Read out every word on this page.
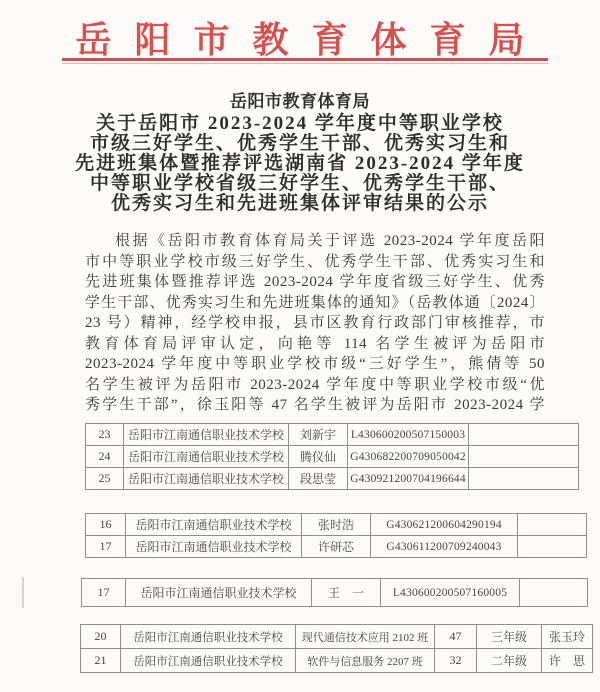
岳阳市教育体育局
岳阳市教育体育局
关于岳阳市 2023-2024 学年度中等职业学校
市级三好学生、优秀学生干部、优秀实习生和
先进班集体暨推荐评选湖南省 2023-2024 学年度
中等职业学校省级三好学生、优秀学生干部、
优秀实习生和先进班集体评审结果的公示
根据《岳阳市教育体育局关于评选 2023-2024 学年度岳阳
市中等职业学校市级三好学生、优秀学生干部、优秀实习生和
先进班集体暨推荐评选 2023-2024 学年度省级三好学生、优秀
学生干部、优秀实习生和先进班集体的通知》（岳教体通〔2024〕
23 号）精神，经学校申报，县市区教育行政部门审核推荐，市
教育体育局评审认定，向艳等 114 名学生被评为岳阳市
2023-2024 学年度中等职业学校市级“三好学生”，熊倩等 50
名学生被评为岳阳市 2023-2024 学年度中等职业学校市级“优
秀学生干部”，徐玉阳等 47 名学生被评为岳阳市 2023-2024 学
23	岳阳市江南通信职业技术学校	刘新宇	L430600200507150003	
24	岳阳市江南通信职业技术学校	腾仪仙	G430682200709050042	
25	岳阳市江南通信职业技术学校	段思莹	G430921200704196644	
16	岳阳市江南通信职业技术学校	张时浩	G430621200604290194	
17	岳阳市江南通信职业技术学校	许研芯	G430611200709240043	
17	岳阳市江南通信职业技术学校	王　一	L430600200507160005	
20	岳阳市江南通信职业技术学校	现代通信技术应用 2102 班	47	三年级	张玉玲
21	岳阳市江南通信职业技术学校	软件与信息服务 2207 班	32	二年级	许　思
